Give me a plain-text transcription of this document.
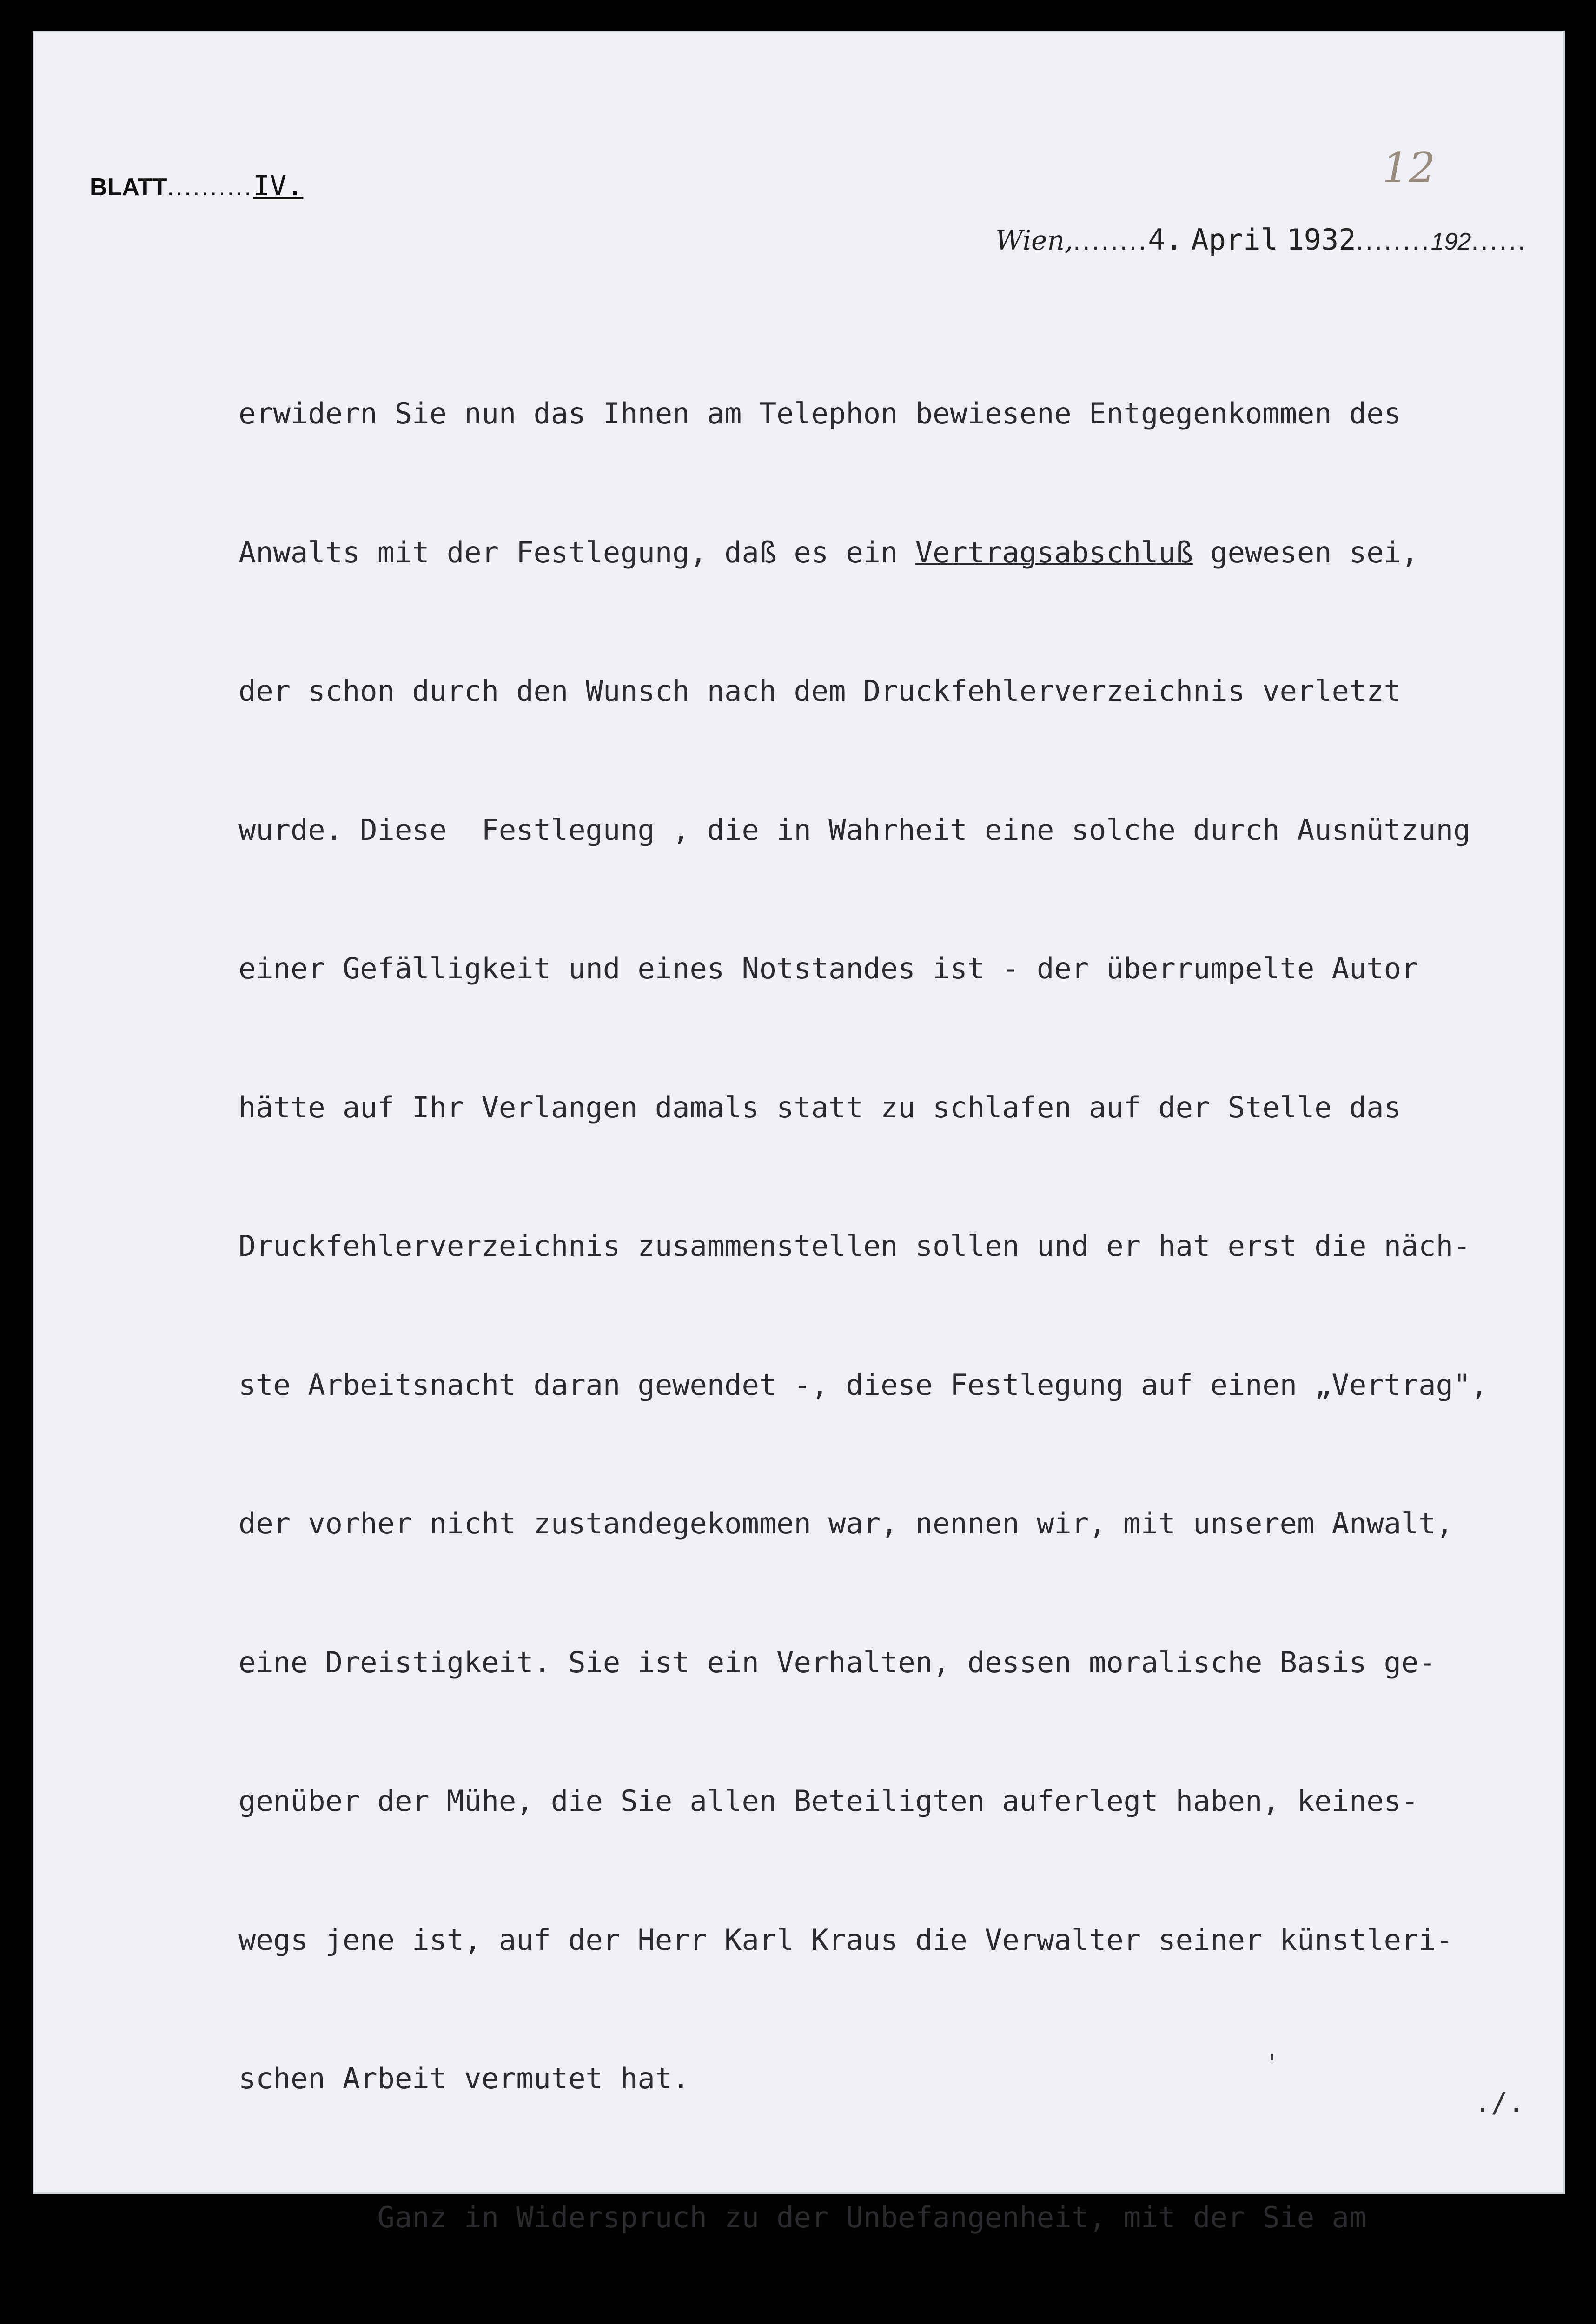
BLATT..........IV.	12
Wien,........4. April 1932........192......

erwidern Sie nun das Ihnen am Telephon bewiesene Entgegenkommen des

Anwalts mit der Festlegung, daß es ein Vertragsabschluß gewesen sei,

der schon durch den Wunsch nach dem Druckfehlerverzeichnis verletzt

wurde. Diese  Festlegung , die in Wahrheit eine solche durch Ausnützung

einer Gefälligkeit und eines Notstandes ist - der überrumpelte Autor

hätte auf Ihr Verlangen damals statt zu schlafen auf der Stelle das

Druckfehlerverzeichnis zusammenstellen sollen und er hat erst die näch-

ste Arbeitsnacht daran gewendet -, diese Festlegung auf einen „Vertrag",

der vorher nicht zustandegekommen war, nennen wir, mit unserem Anwalt,

eine Dreistigkeit. Sie ist ein Verhalten, dessen moralische Basis ge-

genüber der Mühe, die Sie allen Beteiligten auferlegt haben, keines-

wegs jene ist, auf der Herr Karl Kraus die Verwalter seiner künstleri-

schen Arbeit vermutet hat.

Ganz in Widerspruch zu der Unbefangenheit, mit der Sie am

./.
